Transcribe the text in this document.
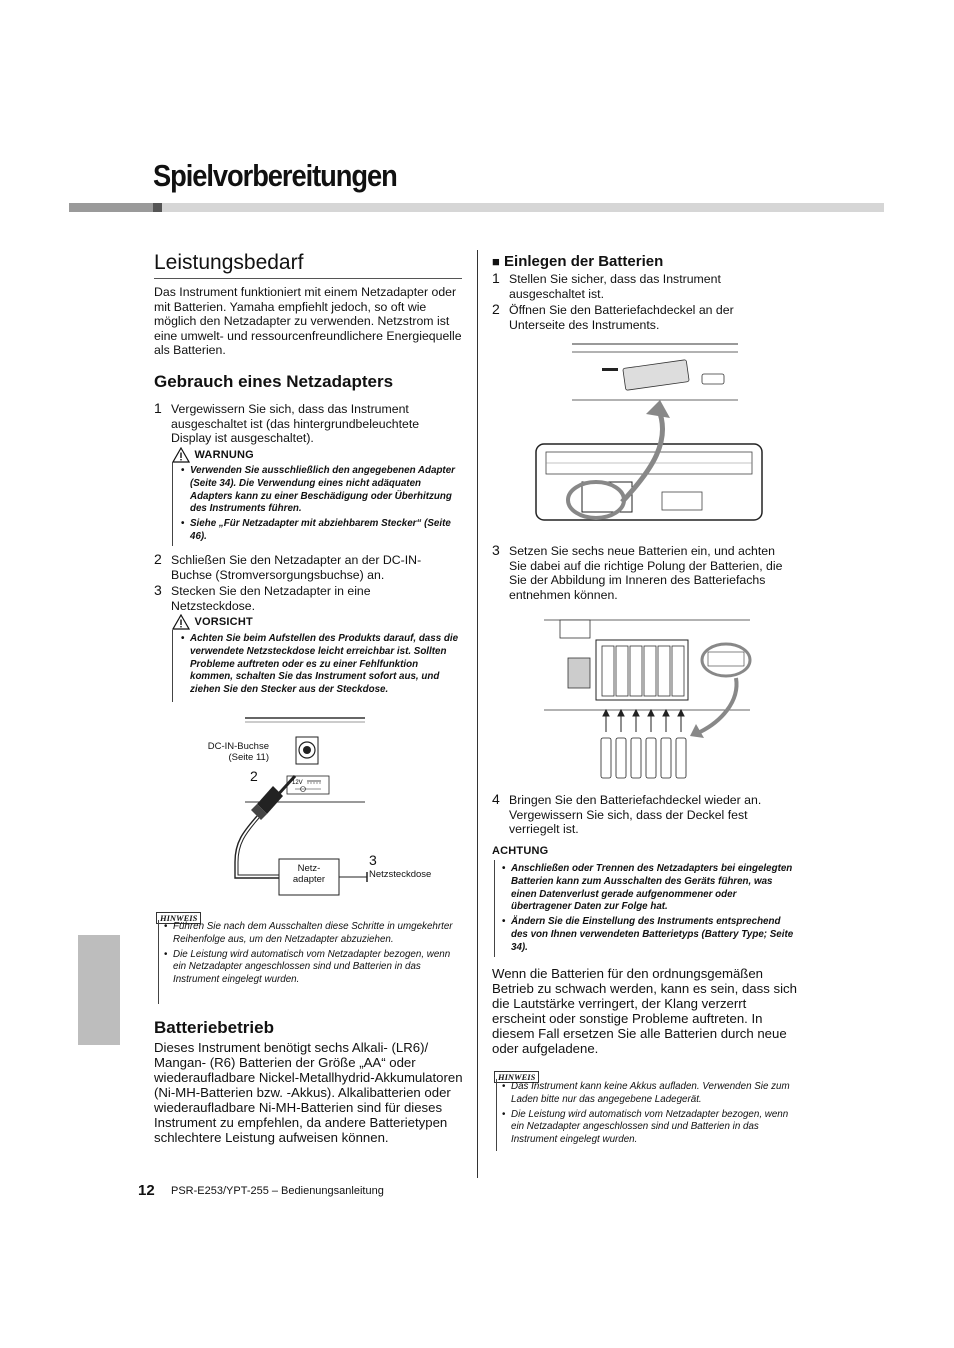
Spielvorbereitungen
Leistungsbedarf
Das Instrument funktioniert mit einem Netzadapter oder mit Batterien. Yamaha empfiehlt jedoch, so oft wie möglich den Netzadapter zu verwenden. Netzstrom ist eine umwelt- und ressourcenfreundlichere Energiequelle als Batterien.
Gebrauch eines Netzadapters
1 Vergewissern Sie sich, dass das Instrument ausgeschaltet ist (das hintergrundbeleuchtete Display ist ausgeschaltet).
WARNUNG
• Verwenden Sie ausschließlich den angegebenen Adapter (Seite 34). Die Verwendung eines nicht adäquaten Adapters kann zu einer Beschädigung oder Überhitzung des Instruments führen.
• Siehe „Für Netzadapter mit abziehbarem Stecker“ (Seite 46).
2 Schließen Sie den Netzadapter an der DC-IN-Buchse (Stromversorgungsbuchse) an.
3 Stecken Sie den Netzadapter in eine Netzsteckdose.
VORSICHT
• Achten Sie beim Aufstellen des Produkts darauf, dass die verwendete Netzsteckdose leicht erreichbar ist. Sollten Probleme auftreten oder es zu einer Fehlfunktion kommen, schalten Sie das Instrument sofort aus, und ziehen Sie den Stecker aus der Steckdose.
12V
DC-IN-Buchse
(Seite 11)
2
3
Netz-
adapter	Netzsteckdose
HINWEIS
• Führen Sie nach dem Ausschalten diese Schritte in umgekehrter Reihenfolge aus, um den Netzadapter abzuziehen.
• Die Leistung wird automatisch vom Netzadapter bezogen, wenn ein Netzadapter angeschlossen sind und Batterien in das Instrument eingelegt wurden.
Batteriebetrieb
Dieses Instrument benötigt sechs Alkali- (LR6)/ Mangan- (R6) Batterien der Größe „AA“ oder wiederaufladbare Nickel-Metallhydrid-Akkumulatoren (Ni-MH-Batterien bzw. -Akkus). Alkalibatterien oder wiederaufladbare Ni-MH-Batterien sind für dieses Instrument zu empfehlen, da andere Batterietypen schlechtere Leistung aufweisen können.
■ Einlegen der Batterien
1 Stellen Sie sicher, dass das Instrument ausgeschaltet ist.
2 Öffnen Sie den Batteriefachdeckel an der Unterseite des Instruments.
3 Setzen Sie sechs neue Batterien ein, und achten Sie dabei auf die richtige Polung der Batterien, die Sie der Abbildung im Inneren des Batteriefachs entnehmen können.
4 Bringen Sie den Batteriefachdeckel wieder an. Vergewissern Sie sich, dass der Deckel fest verriegelt ist.
ACHTUNG
• Anschließen oder Trennen des Netzadapters bei eingelegten Batterien kann zum Ausschalten des Geräts führen, was einen Datenverlust gerade aufgenommener oder übertragener Daten zur Folge hat.
• Ändern Sie die Einstellung des Instruments entsprechend des von Ihnen verwendeten Batterietyps (Battery Type; Seite 34).
Wenn die Batterien für den ordnungsgemäßen Betrieb zu schwach werden, kann es sein, dass sich die Lautstärke verringert, der Klang verzerrt erscheint oder sonstige Probleme auftreten. In diesem Fall ersetzen Sie alle Batterien durch neue oder aufgeladene.
HINWEIS
• Das Instrument kann keine Akkus aufladen. Verwenden Sie zum Laden bitte nur das angegebene Ladegerät.
• Die Leistung wird automatisch vom Netzadapter bezogen, wenn ein Netzadapter angeschlossen sind und Batterien in das Instrument eingelegt wurden.
12 PSR-E253/YPT-255 – Bedienungsanleitung
